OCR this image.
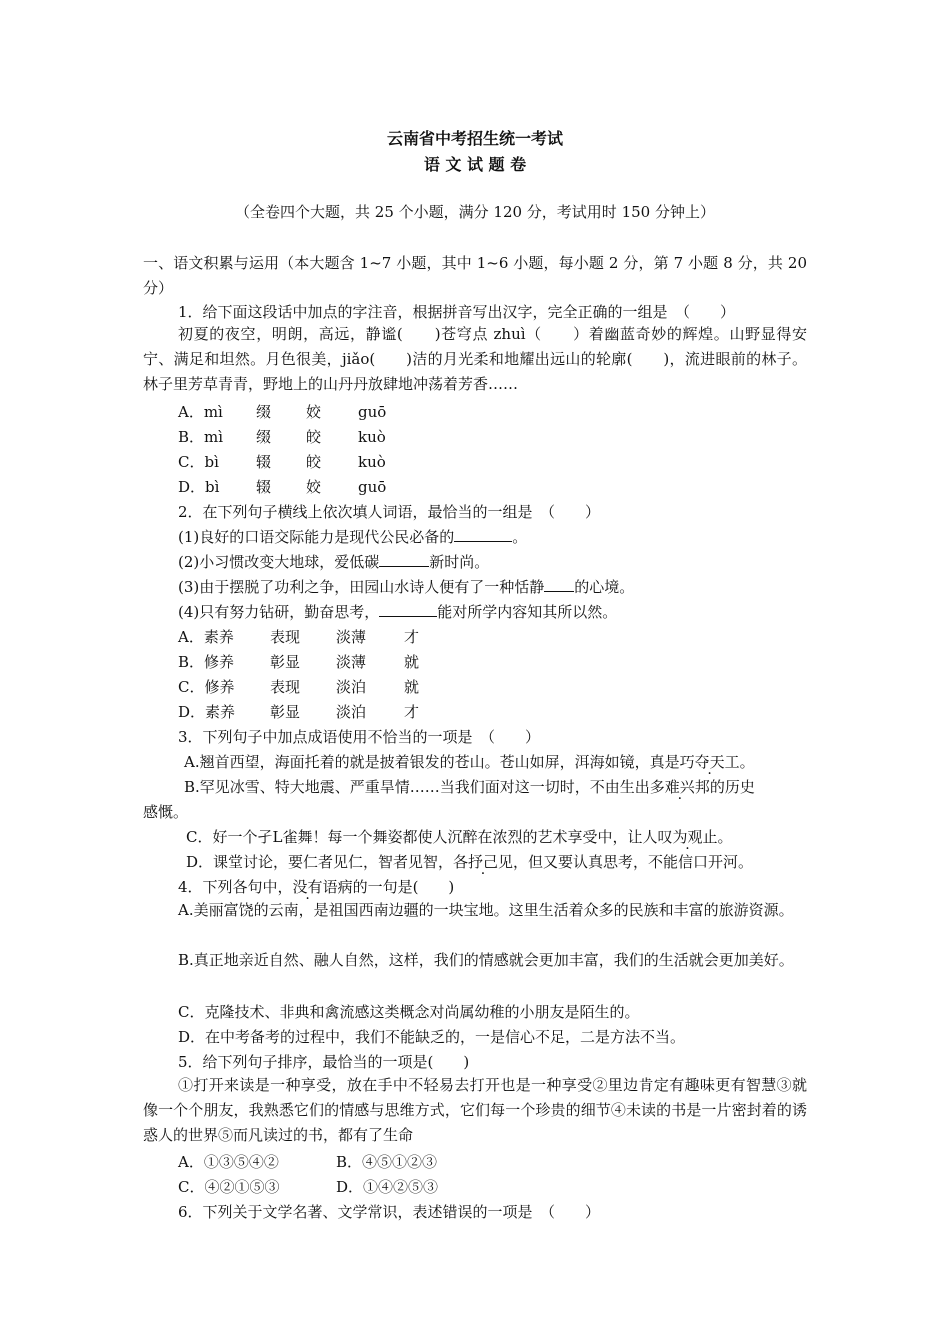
云南省中考招生统一考试
语 文 试 题 卷
（全卷四个大题，共 25 个小题，满分 120 分，考试用时 150 分钟上）
一、语文积累与运用（本大题含 1~7 小题，其中 1~6 小题，每小题 2 分，第 7 小题 8 分，共 20 分）
1．给下面这段话中加点的字注音，根据拼音写出汉字，完全正确的一组是　（　　）
初夏的夜空，明朗，高远，静谧(　　)苍穹点 zhuì（　　）着幽蓝奇妙的辉煌。山野显得安宁、满足和坦然。月色很美，jiǎo(　　)洁的月光柔和地耀出远山的轮廓(　　)，流进眼前的林子。林子里芳草青青，野地上的山丹丹放肆地冲荡着芳香……
A．mì 缀 姣 guō
B．mì 缀 皎 kuò
C．bì 辍 皎 kuò
D．bì 辍 姣 guō
2．在下列句子横线上依次填人词语，最恰当的一组是　（　　）
(1)良好的口语交际能力是现代公民必备的	。
(2)小习惯改变大地球，爱低碳	新时尚。
(3)由于摆脱了功利之争，田园山水诗人便有了一种恬静 的心境。
(4)只有努力钻研，勤奋思考，	能对所学内容知其所以然。
A．素养 表现 淡薄	才
B．修养 彰显 淡薄	就
C．修养 表现 淡泊	就
D．素养 彰显 淡泊	才
3．下列句子中加点成语使用不恰当的一项是　（　　）
A.翘首西望，海面托着的就是披着银发的苍山。苍山如屏，洱海如镜，真是巧夺天工。
B.罕见冰雪、特大地震、严重旱情……当我们面对这一切时，不由生出多难兴邦的历史
感慨。
C．好一个孑L雀舞！每一个舞姿都使人沉醉在浓烈的艺术享受中，让人叹为观止。
D．课堂讨论，要仁者见仁，智者见智，各抒己见，但又要认真思考，不能信口开河。
4．下列各句中，没有语病的一句是(　　)
A.美丽富饶的云南，是祖国西南边疆的一块宝地。这里生活着众多的民族和丰富的旅游资源。
B.真正地亲近自然、融人自然，这样，我们的情感就会更加丰富，我们的生活就会更加美好。
C．克隆技术、非典和禽流感这类概念对尚属幼稚的小朋友是陌生的。
D．在中考备考的过程中，我们不能缺乏的，一是信心不足，二是方法不当。
5．给下列句子排序，最恰当的一项是(　　)
①打开来读是一种享受，放在手中不轻易去打开也是一种享受②里边肯定有趣味更有智慧③就像一个个朋友，我熟悉它们的情感与思维方式，它们每一个珍贵的细节④未读的书是一片密封着的诱惑人的世界⑤而凡读过的书，都有了生命
A．①③⑤④②	B．④⑤①②③
C．④②①⑤③	D．①④②⑤③
6．下列关于文学名著、文学常识，表述错误的一项是　（　　）
